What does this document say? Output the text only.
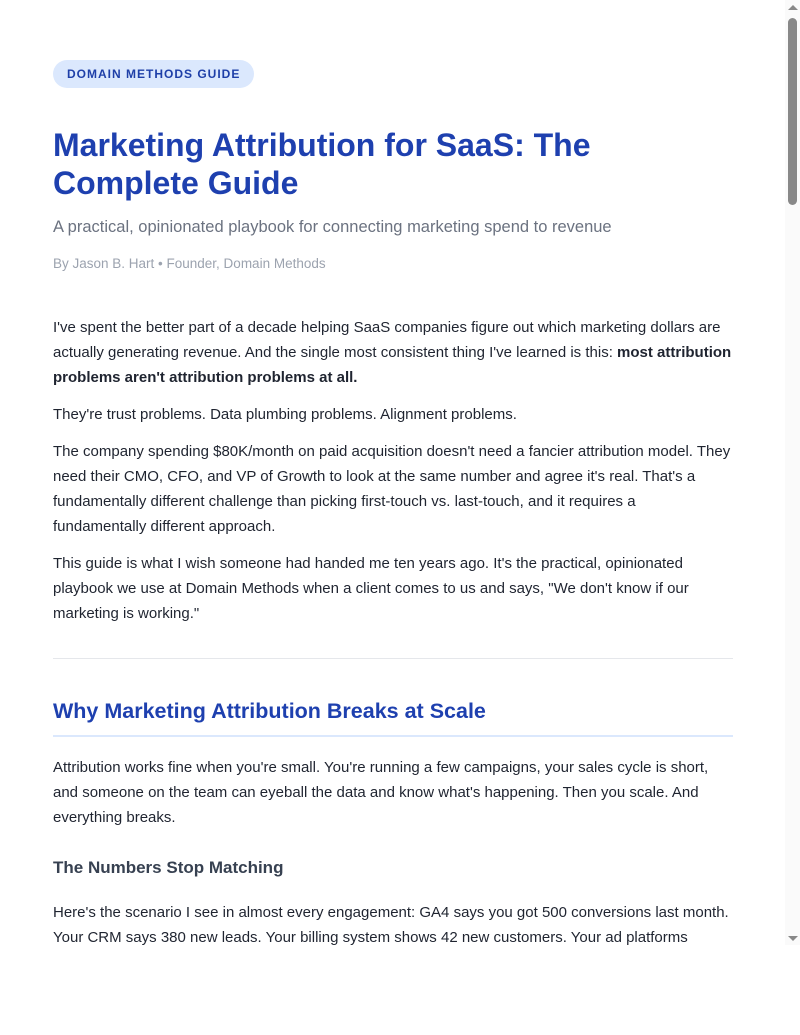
DOMAIN METHODS GUIDE
Marketing Attribution for SaaS: The Complete Guide
A practical, opinionated playbook for connecting marketing spend to revenue
By Jason B. Hart • Founder, Domain Methods

I've spent the better part of a decade helping SaaS companies figure out which marketing dollars are actually generating revenue. And the single most consistent thing I've learned is this: most attribution problems aren't attribution problems at all.

They're trust problems. Data plumbing problems. Alignment problems.

The company spending $80K/month on paid acquisition doesn't need a fancier attribution model. They need their CMO, CFO, and VP of Growth to look at the same number and agree it's real. That's a fundamentally different challenge than picking first-touch vs. last-touch, and it requires a fundamentally different approach.

This guide is what I wish someone had handed me ten years ago. It's the practical, opinionated playbook we use at Domain Methods when a client comes to us and says, "We don't know if our marketing is working."

Why Marketing Attribution Breaks at Scale

Attribution works fine when you're small. You're running a few campaigns, your sales cycle is short, and someone on the team can eyeball the data and know what's happening. Then you scale. And everything breaks.

The Numbers Stop Matching

Here's the scenario I see in almost every engagement: GA4 says you got 500 conversions last month. Your CRM says 380 new leads. Your billing system shows 42 new customers. Your ad platforms
